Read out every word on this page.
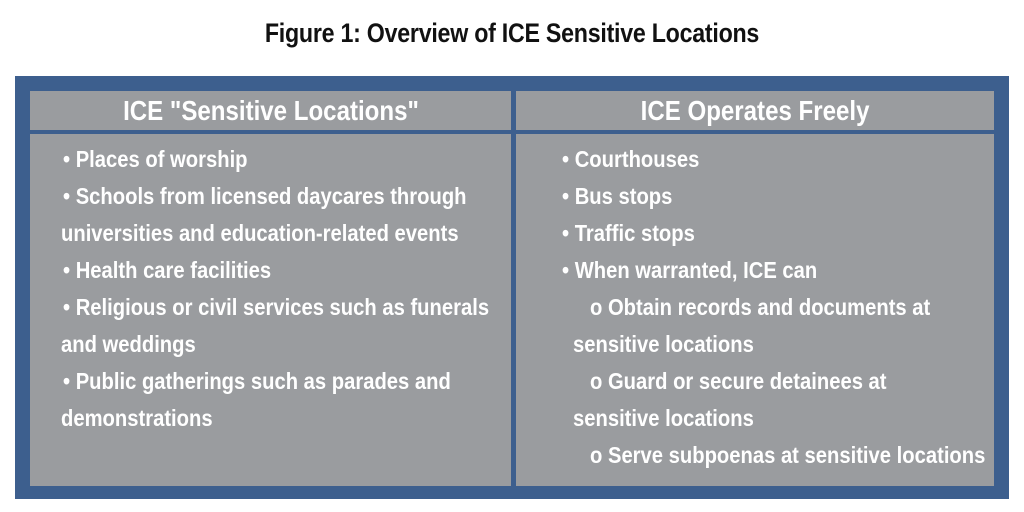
Figure 1: Overview of ICE Sensitive Locations
ICE "Sensitive Locations"	ICE Operates Freely
• Places of worship
• Schools from licensed daycares through
universities and education-related events
• Health care facilities
• Religious or civil services such as funerals
and weddings
• Public gatherings such as parades and
demonstrations
• Courthouses
• Bus stops
• Traffic stops
• When warranted, ICE can
o Obtain records and documents at
sensitive locations
o Guard or secure detainees at
sensitive locations
o Serve subpoenas at sensitive locations
